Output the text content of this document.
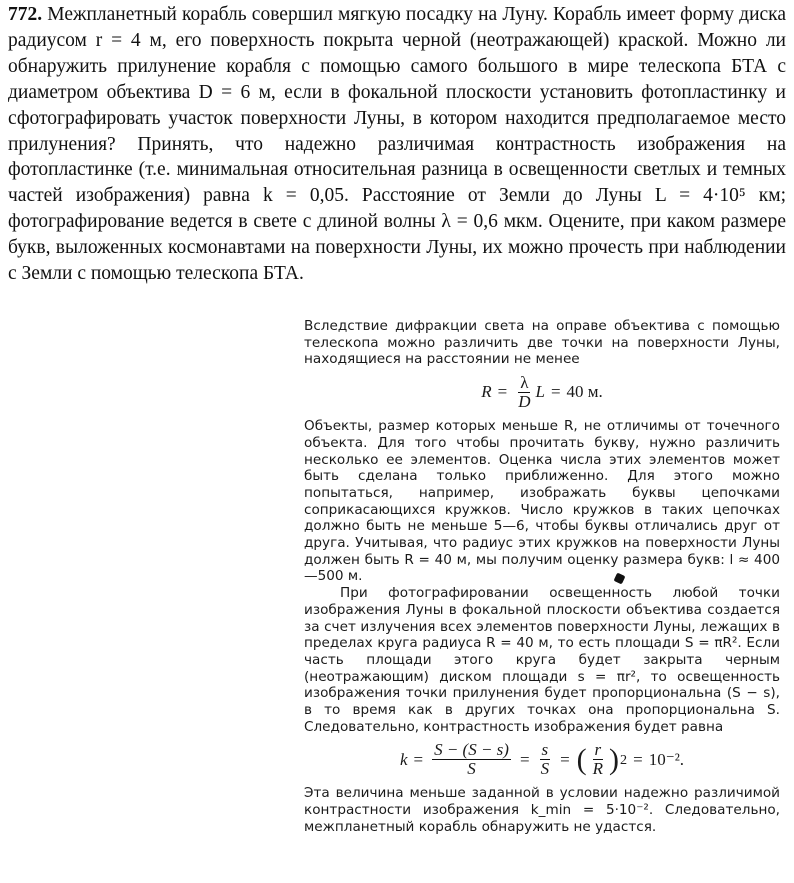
772. Межпланетный корабль совершил мягкую посадку на Луну. Корабль имеет форму диска радиусом r = 4 м, его поверхность покрыта черной (неотражающей) краской. Можно ли обнаружить прилунение корабля с помощью самого большого в мире телескопа БТА с диаметром объектива D = 6 м, если в фокальной плоскости установить фотопластинку и сфотографировать участок поверхности Луны, в котором находится предполагаемое место прилунения? Принять, что надежно различимая контрастность изображения на фотопластинке (т.е. минимальная относительная разница в освещенности светлых и темных частей изображения) равна k = 0,05. Расстояние от Земли до Луны L = 4·10⁵ км; фотографирование ведется в свете с длиной волны λ = 0,6 мкм. Оцените, при каком размере букв, выложенных космонавтами на поверхности Луны, их можно прочесть при наблюдении с Земли с помощью телескопа БТА.

Вследствие дифракции света на оправе объектива с помощью телескопа можно различить две точки на поверхности Луны, находящиеся на расстоянии не менее

$R = \frac{\lambda}{D}$ L = 40 м.

Объекты, размер которых меньше R, не отличимы от точечного объекта. Для того чтобы прочитать букву, нужно различить несколько ее элементов. Оценка числа этих элементов может быть сделана только приближенно. Для этого можно попытаться, например, изображать буквы цепочками соприкасающихся кружков. Число кружков в таких цепочках должно быть не меньше 5—6, чтобы буквы отличались друг от друга. Учитывая, что радиус этих кружков на поверхности Луны должен быть R = 40 м, мы получим оценку размера букв: l ≈ 400—500 м.

При фотографировании освещенность любой точки изображения Луны в фокальной плоскости объектива создается за счет излучения всех элементов поверхности Луны, лежащих в пределах круга радиуса R = 40 м, то есть площади S = πR². Если часть площади этого круга будет закрыта черным (неотражающим) диском площади s = πr², то освещенность изображения точки прилунения будет пропорциональна (S − s), в то время как в других точках она пропорциональна S. Следовательно, контрастность изображения будет равна

$k = \frac{S - (S - s)}{S} = \frac{s}{S}$ = ( $\frac{r}{R}$ ) 2 = 10⁻².

Эта величина меньше заданной в условии надежно различимой контрастности изображения k_min = 5·10⁻². Следовательно, межпланетный корабль обнаружить не удастся.
